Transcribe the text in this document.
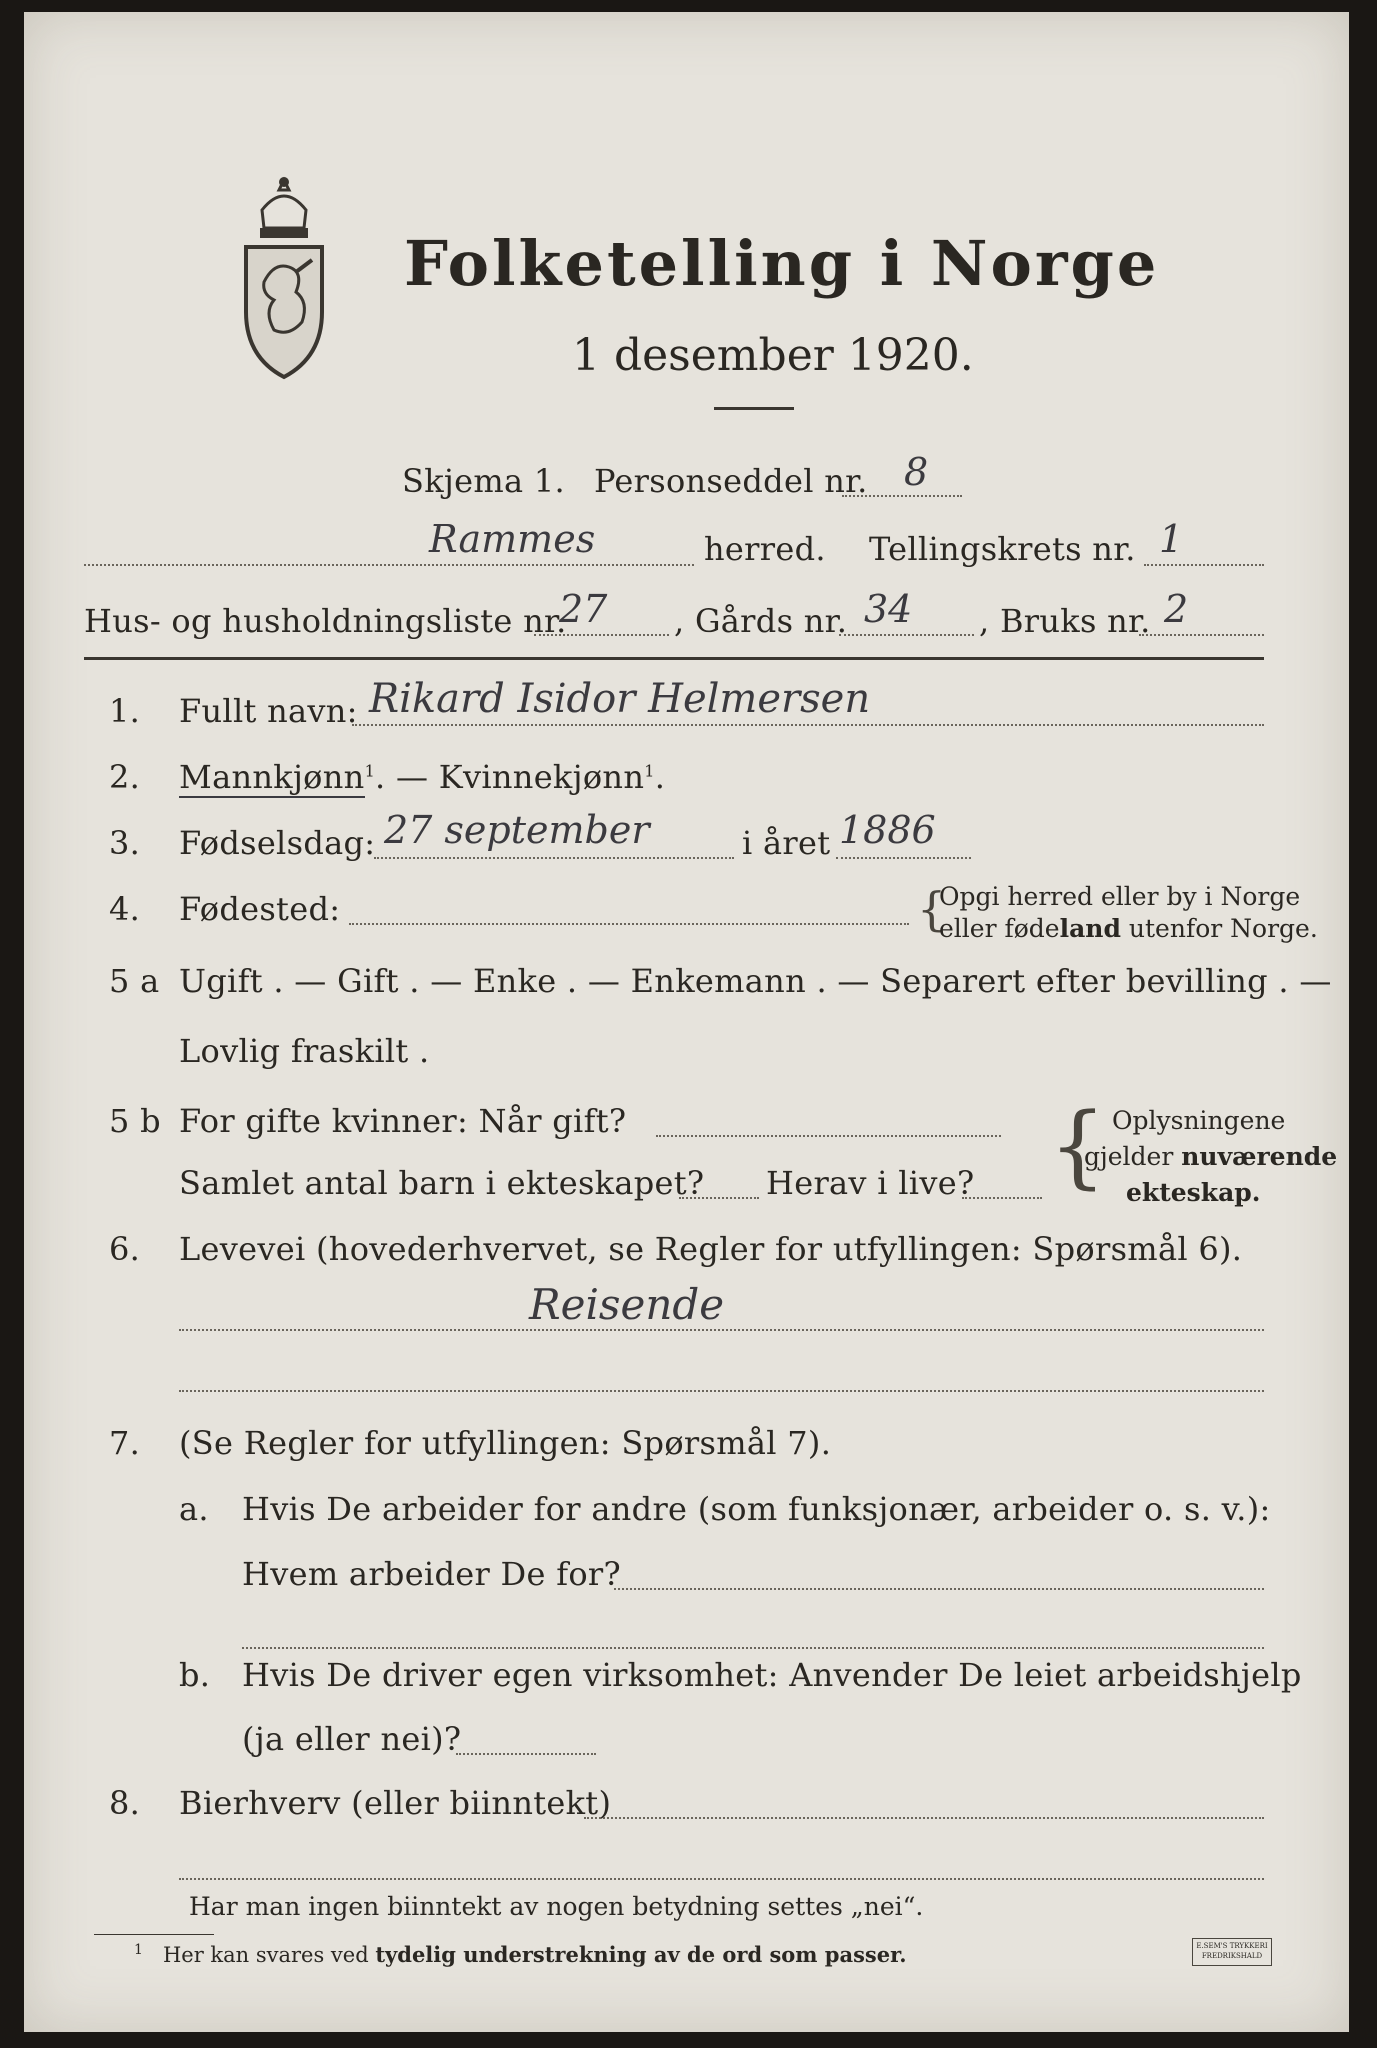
Folketelling i Norge
1 desember 1920.
Skjema 1. Personseddel nr. 8
Rammes	herred. Tellingskrets nr. 1
Hus- og husholdningsliste nr.
27 , Gårds nr. 34 , Bruks nr. 2
1. Fullt navn: Rikard Isidor Helmersen
2. Mannkjønn$^1$. — Kvinnekjønn$^1$.
3. Fødselsdag: 27 september	i året 1886
4. Fødested:	{
Opgi herred eller by i Norge
eller fødeland utenfor Norge.
5 a Ugift . — Gift . — Enke . — Enkemann . — Separert efter bevilling . —
Lovlig fraskilt .
5 b For gifte kvinner: Når gift?
Samlet antal barn i ekteskapet? Herav i live? { Oplysningene
gjelder nuværende
ekteskap.
6. Levevei (hovederhvervet, se Regler for utfyllingen: Spørsmål 6).
Reisende
7. (Se Regler for utfyllingen: Spørsmål 7).
a. Hvis De arbeider for andre (som funksjonær, arbeider o. s. v.):
Hvem arbeider De for?
b. Hvis De driver egen virksomhet: Anvender De leiet arbeidshjelp
(ja eller nei)?
8. Bierhverv (eller biinntekt)
Har man ingen biinntekt av nogen betydning settes „nei“.
$^1$ Her kan svares ved tydelig understrekning av de ord som passer.	E.SEM'S TRYKKERI
FREDRIKSHALD
